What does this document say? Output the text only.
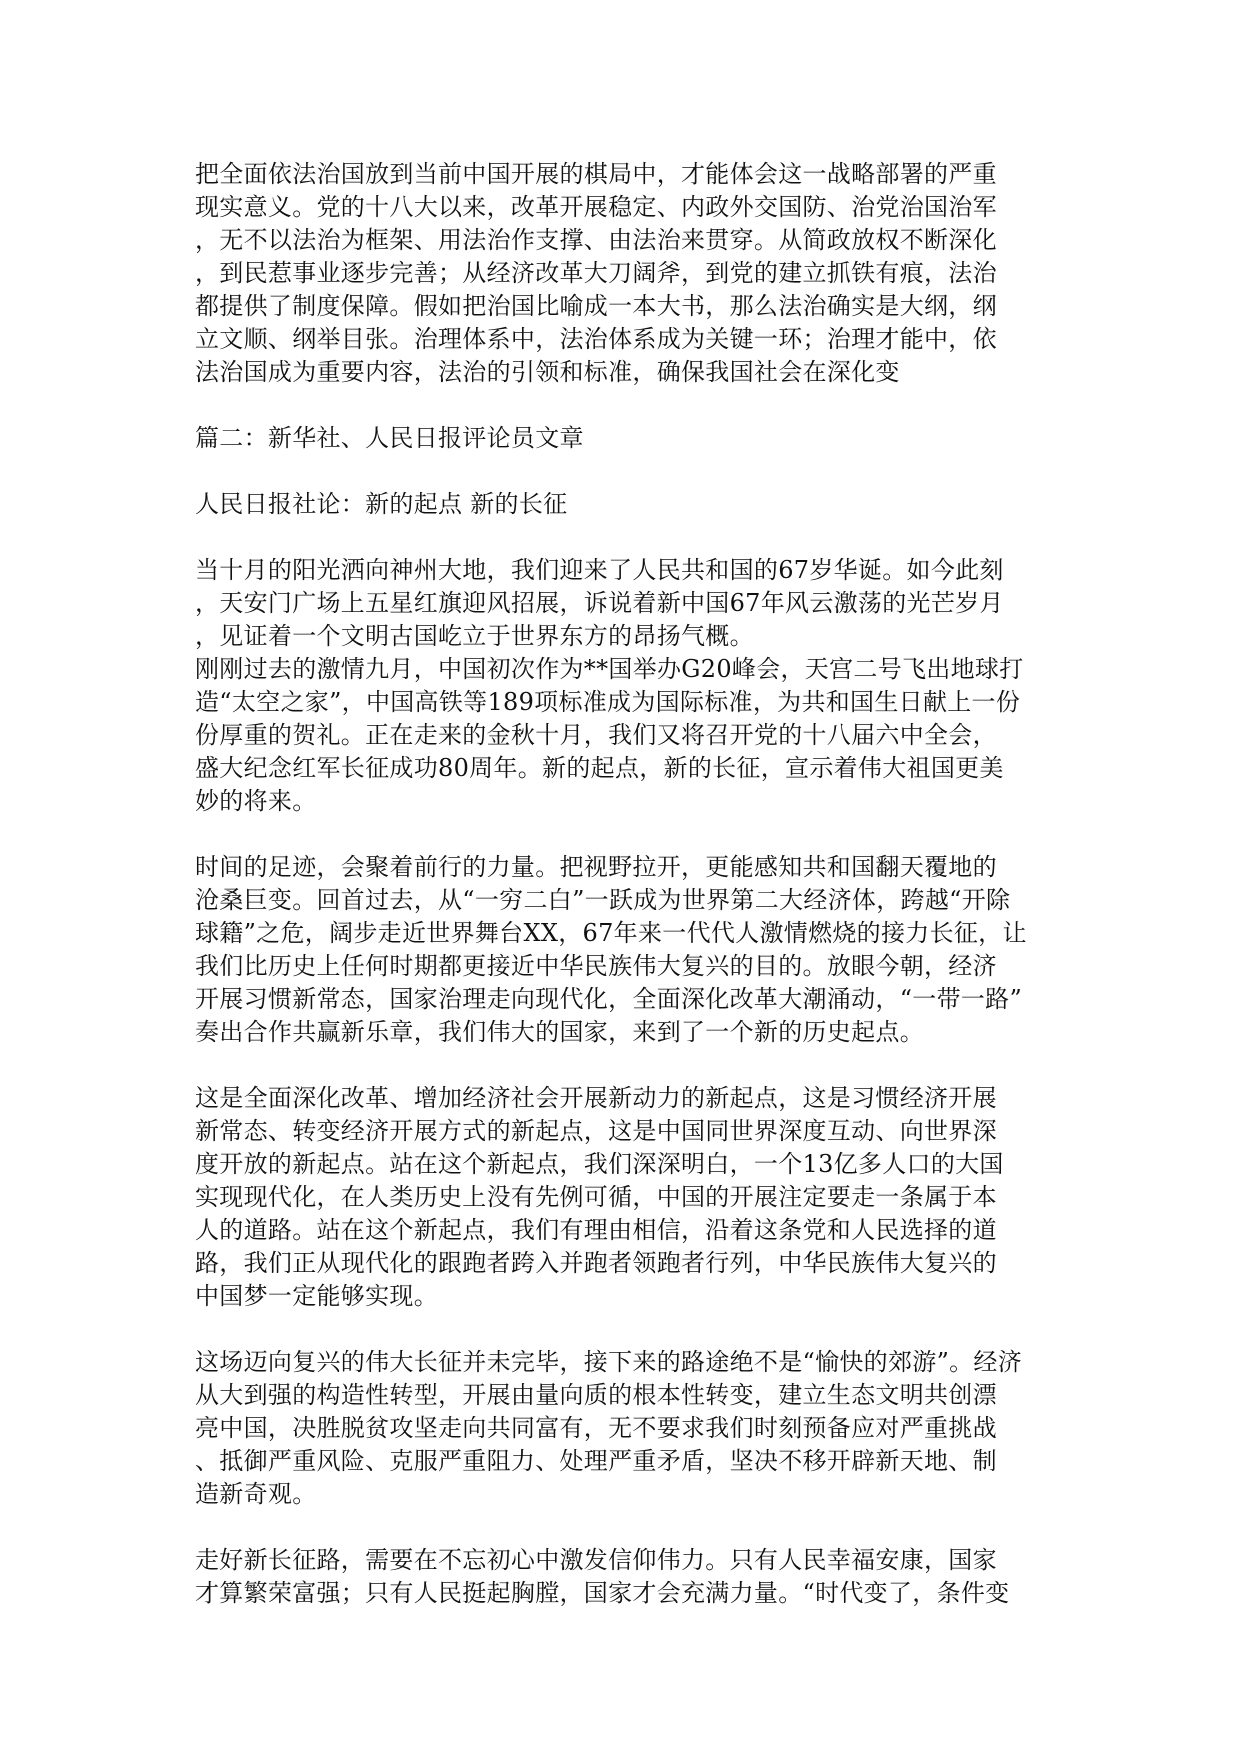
把全面依法治国放到当前中国开展的棋局中，才能体会这一战略部署的严重
现实意义。党的十八大以来，改革开展稳定、内政外交国防、治党治国治军
，无不以法治为框架、用法治作支撑、由法治来贯穿。从简政放权不断深化
，到民惹事业逐步完善；从经济改革大刀阔斧，到党的建立抓铁有痕，法治
都提供了制度保障。假如把治国比喻成一本大书，那么法治确实是大纲，纲
立文顺、纲举目张。治理体系中，法治体系成为关键一环；治理才能中，依
法治国成为重要内容，法治的引领和标准，确保我国社会在深化变
篇二：新华社、人民日报评论员文章
人民日报社论：新的起点 新的长征
当十月的阳光洒向神州大地，我们迎来了人民共和国的67岁华诞。如今此刻
，天安门广场上五星红旗迎风招展，诉说着新中国67年风云激荡的光芒岁月
，见证着一个文明古国屹立于世界东方的昂扬气概。
刚刚过去的激情九月，中国初次作为**国举办G20峰会，天宫二号飞出地球打
造“太空之家”，中国高铁等189项标准成为国际标准，为共和国生日献上一份
份厚重的贺礼。正在走来的金秋十月，我们又将召开党的十八届六中全会，
盛大纪念红军长征成功80周年。新的起点，新的长征，宣示着伟大祖国更美
妙的将来。
时间的足迹，会聚着前行的力量。把视野拉开，更能感知共和国翻天覆地的
沧桑巨变。回首过去，从“一穷二白”一跃成为世界第二大经济体，跨越“开除
球籍”之危，阔步走近世界舞台XX，67年来一代代人激情燃烧的接力长征，让
我们比历史上任何时期都更接近中华民族伟大复兴的目的。放眼今朝，经济
开展习惯新常态，国家治理走向现代化，全面深化改革大潮涌动，“一带一路”
奏出合作共赢新乐章，我们伟大的国家，来到了一个新的历史起点。
这是全面深化改革、增加经济社会开展新动力的新起点，这是习惯经济开展
新常态、转变经济开展方式的新起点，这是中国同世界深度互动、向世界深
度开放的新起点。站在这个新起点，我们深深明白，一个13亿多人口的大国
实现现代化，在人类历史上没有先例可循，中国的开展注定要走一条属于本
人的道路。站在这个新起点，我们有理由相信，沿着这条党和人民选择的道
路，我们正从现代化的跟跑者跨入并跑者领跑者行列，中华民族伟大复兴的
中国梦一定能够实现。
这场迈向复兴的伟大长征并未完毕，接下来的路途绝不是“愉快的郊游”。经济
从大到强的构造性转型，开展由量向质的根本性转变，建立生态文明共创漂
亮中国，决胜脱贫攻坚走向共同富有，无不要求我们时刻预备应对严重挑战
、抵御严重风险、克服严重阻力、处理严重矛盾，坚决不移开辟新天地、制
造新奇观。
走好新长征路，需要在不忘初心中激发信仰伟力。只有人民幸福安康，国家
才算繁荣富强；只有人民挺起胸膛，国家才会充满力量。“时代变了，条件变
